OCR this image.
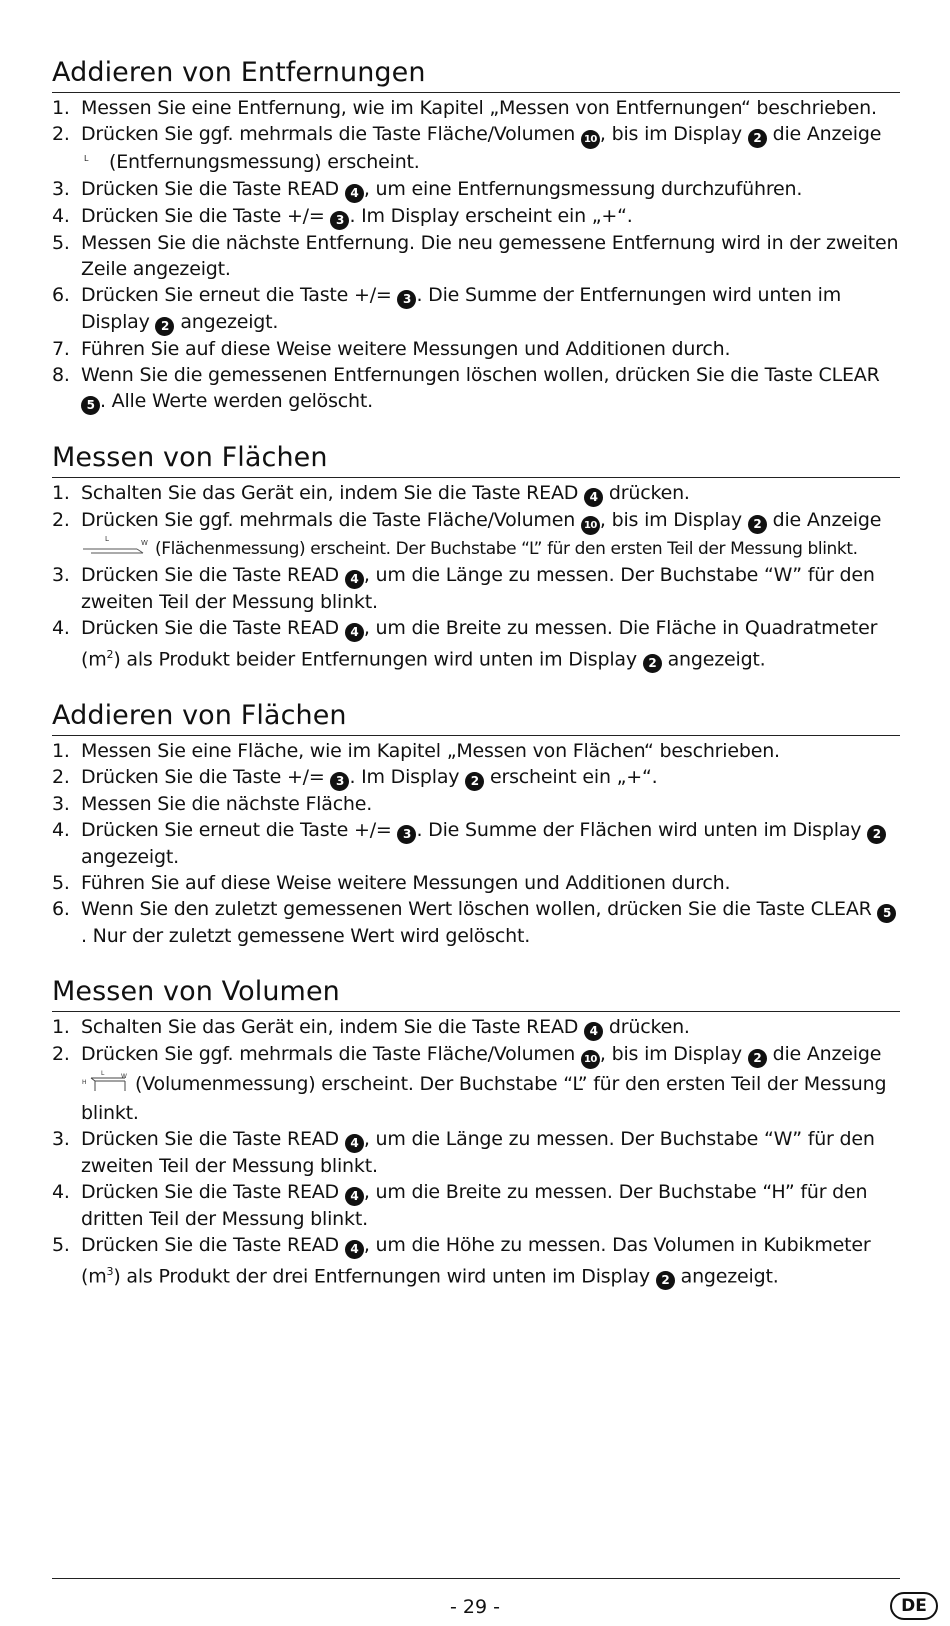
Addieren von Entfernungen
1. Messen Sie eine Entfernung, wie im Kapitel „Messen von Entfernungen“ beschrieben.
2. Drücken Sie ggf. mehrmals die Taste Fläche/Volumen 10 , bis im Display 2 die Anzeige

L (Entfernungsmessung) erscheint.
3. Drücken Sie die Taste READ 4 , um eine Entfernungsmessung durchzuführen.
4. Drücken Sie die Taste +/= 3 . Im Display erscheint ein „+“.
5. Messen Sie die nächste Entfernung. Die neu gemessene Entfernung wird in der zweiten Zeile angezeigt.
6. Drücken Sie erneut die Taste +/= 3 . Die Summe der Entfernungen wird unten im Display 2 angezeigt.
7. Führen Sie auf diese Weise weitere Messungen und Additionen durch.
8. Wenn Sie die gemessenen Entfernungen löschen wollen, drücken Sie die Taste CLEAR 5 . Alle Werte werden gelöscht.
Messen von Flächen
1. Schalten Sie das Gerät ein, indem Sie die Taste READ 4 drücken.
2. Drücken Sie ggf. mehrmals die Taste Fläche/Volumen 10 , bis im Display 2 die Anzeige

L	W (Flächenmessung) erscheint. Der Buchstabe “L” für den ersten Teil der Messung blinkt.
3. Drücken Sie die Taste READ 4 , um die Länge zu messen. Der Buchstabe “W” für den zweiten Teil der Messung blinkt.
4. Drücken Sie die Taste READ 4 , um die Breite zu messen. Die Fläche in Quadratmeter $(m^2)$ als Produkt beider Entfernungen wird unten im Display 2 angezeigt.
Addieren von Flächen
1. Messen Sie eine Fläche, wie im Kapitel „Messen von Flächen“ beschrieben.
2. Drücken Sie die Taste +/= 3 . Im Display 2 erscheint ein „+“.
3. Messen Sie die nächste Fläche.
4. Drücken Sie erneut die Taste +/= 3 . Die Summe der Flächen wird unten im Display 2 angezeigt.
5. Führen Sie auf diese Weise weitere Messungen und Additionen durch.
6. Wenn Sie den zuletzt gemessenen Wert löschen wollen, drücken Sie die Taste CLEAR 5. Nur der zuletzt gemessene Wert wird gelöscht.
Messen von Volumen
1. Schalten Sie das Gerät ein, indem Sie die Taste READ 4 drücken.
2. Drücken Sie ggf. mehrmals die Taste Fläche/Volumen 10 , bis im Display 2 die Anzeige

L	W
H	(Volumenmessung) erscheint. Der Buchstabe “L” für den ersten Teil der Messung blinkt.
3. Drücken Sie die Taste READ 4 , um die Länge zu messen. Der Buchstabe “W” für den zweiten Teil der Messung blinkt.
4. Drücken Sie die Taste READ 4 , um die Breite zu messen. Der Buchstabe “H” für den dritten Teil der Messung blinkt.
5. Drücken Sie die Taste READ 4 , um die Höhe zu messen. Das Volumen in Kubikmeter $(m^3)$ als Produkt der drei Entfernungen wird unten im Display 2 angezeigt.
- 29 -	DE
